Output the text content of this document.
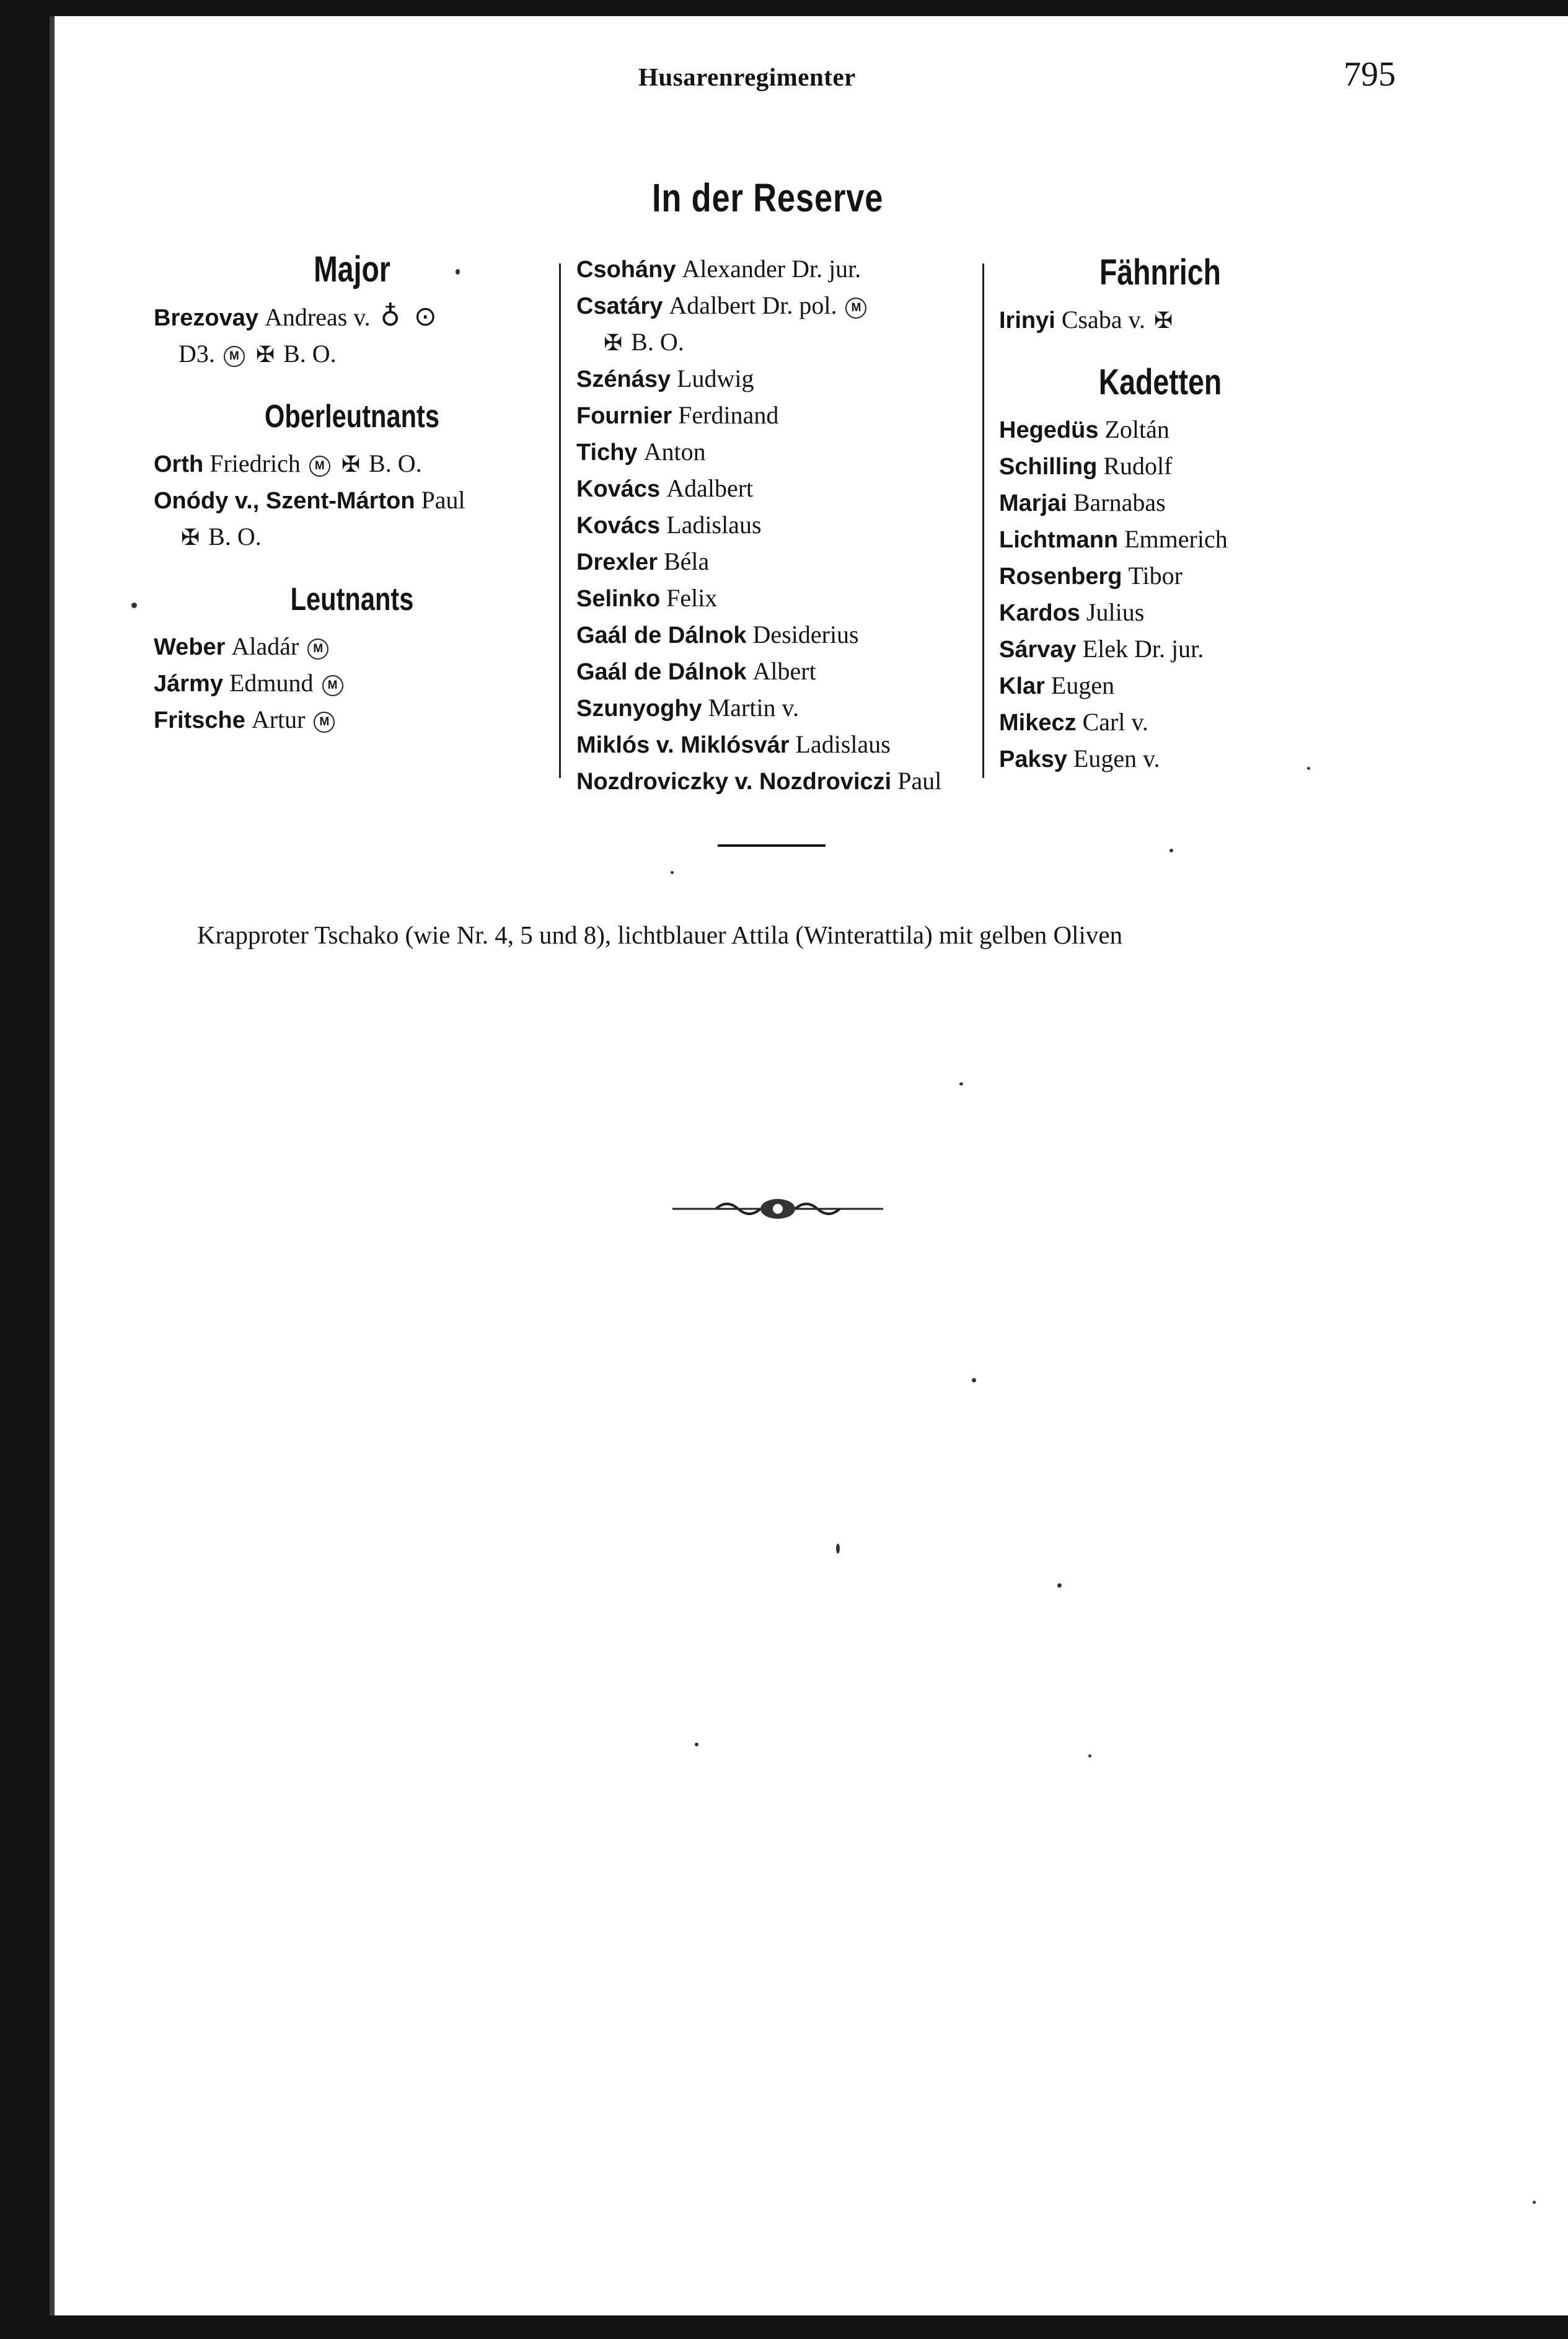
Husarenregimenter	795
In der Reserve
Major
Brezovay Andreas v. ♁ ⊙
D3. M ✠ B. O.
Oberleutnants
Orth Friedrich M ✠ B. O.
Onódy v., Szent-Márton Paul
✠ B. O.
Leutnants
Weber Aladár M
Jármy Edmund M
Fritsche Artur M
Csohány Alexander Dr. jur.
Csatáry Adalbert Dr. pol. M
✠ B. O.
Szénásy Ludwig
Fournier Ferdinand
Tichy Anton
Kovács Adalbert
Kovács Ladislaus
Drexler Béla
Selinko Felix
Gaál de Dálnok Desiderius
Gaál de Dálnok Albert
Szunyoghy Martin v.
Miklós v. Miklósvár Ladislaus
Nozdroviczky v. Nozdroviczi Paul
Fähnrich
Irinyi Csaba v. ✠
Kadetten
Hegedüs Zoltán
Schilling Rudolf
Marjai Barnabas
Lichtmann Emmerich
Rosenberg Tibor
Kardos Julius
Sárvay Elek Dr. jur.
Klar Eugen
Mikecz Carl v.
Paksy Eugen v.
Krapproter Tschako (wie Nr. 4, 5 und 8), lichtblauer Attila (Winterattila) mit gelben Oliven
